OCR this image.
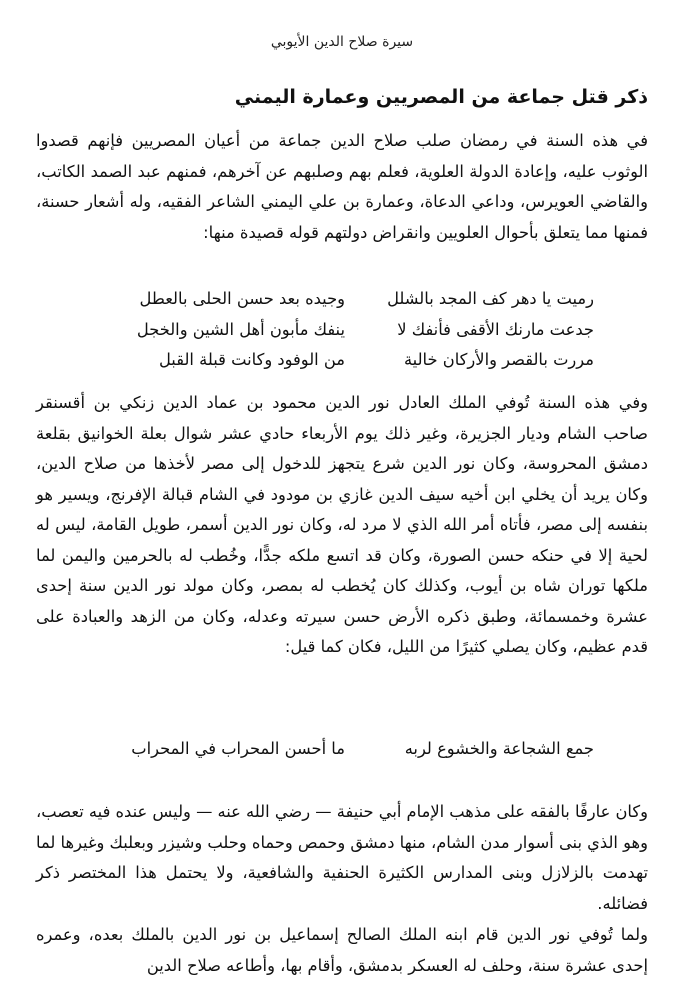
سيرة صلاح الدين الأيوبي
ذكر قتل جماعة من المصريين وعمارة اليمني

في هذه السنة في رمضان صلب صلاح الدين جماعة من أعيان المصريين فإنهم قصدوا الوثوب عليه، وإعادة الدولة العلوية، فعلم بهم وصلبهم عن آخرهم، فمنهم عبد الصمد الكاتب، والقاضي العويرس، وداعي الدعاة، وعمارة بن علي اليمني الشاعر الفقيه، وله أشعار حسنة، فمنها مما يتعلق بأحوال العلويين وانقراض دولتهم قوله قصيدة منها:

رميت يا دهر كف المجد بالشلل
وجيده بعد حسن الحلى بالعطل
جدعت مارنك الأقفى فأنفك لا
ينفك مأبون أهل الشين والخجل
مررت بالقصر والأركان خالية
من الوفود وكانت قبلة القبل

وفي هذه السنة تُوفي الملك العادل نور الدين محمود بن عماد الدين زنكي بن أقسنقر صاحب الشام وديار الجزيرة، وغير ذلك يوم الأربعاء حادي عشر شوال بعلة الخوانيق بقلعة دمشق المحروسة، وكان نور الدين شرع يتجهز للدخول إلى مصر لأخذها من صلاح الدين، وكان يريد أن يخلي ابن أخيه سيف الدين غازي بن مودود في الشام قبالة الإفرنج، ويسير هو بنفسه إلى مصر، فأتاه أمر الله الذي لا مرد له، وكان نور الدين أسمر، طويل القامة، ليس له لحية إلا في حنكه حسن الصورة، وكان قد اتسع ملكه جدًّا، وخُطب له بالحرمين واليمن لما ملكها توران شاه بن أيوب، وكذلك كان يُخطب له بمصر، وكان مولد نور الدين سنة إحدى عشرة وخمسمائة، وطبق ذكره الأرض حسن سيرته وعدله، وكان من الزهد والعبادة على قدم عظيم، وكان يصلي كثيرًا من الليل، فكان كما قيل:

جمع الشجاعة والخشوع لربه
ما أحسن المحراب في المحراب

وكان عارفًا بالفقه على مذهب الإمام أبي حنيفة — رضي الله عنه — وليس عنده فيه تعصب، وهو الذي بنى أسوار مدن الشام، منها دمشق وحمص وحماه وحلب وشيزر وبعلبك وغيرها لما تهدمت بالزلازل وبنى المدارس الكثيرة الحنفية والشافعية، ولا يحتمل هذا المختصر ذكر فضائله.

ولما تُوفي نور الدين قام ابنه الملك الصالح إسماعيل بن نور الدين بالملك بعده، وعمره إحدى عشرة سنة، وحلف له العسكر بدمشق، وأقام بها، وأطاعه صلاح الدين
